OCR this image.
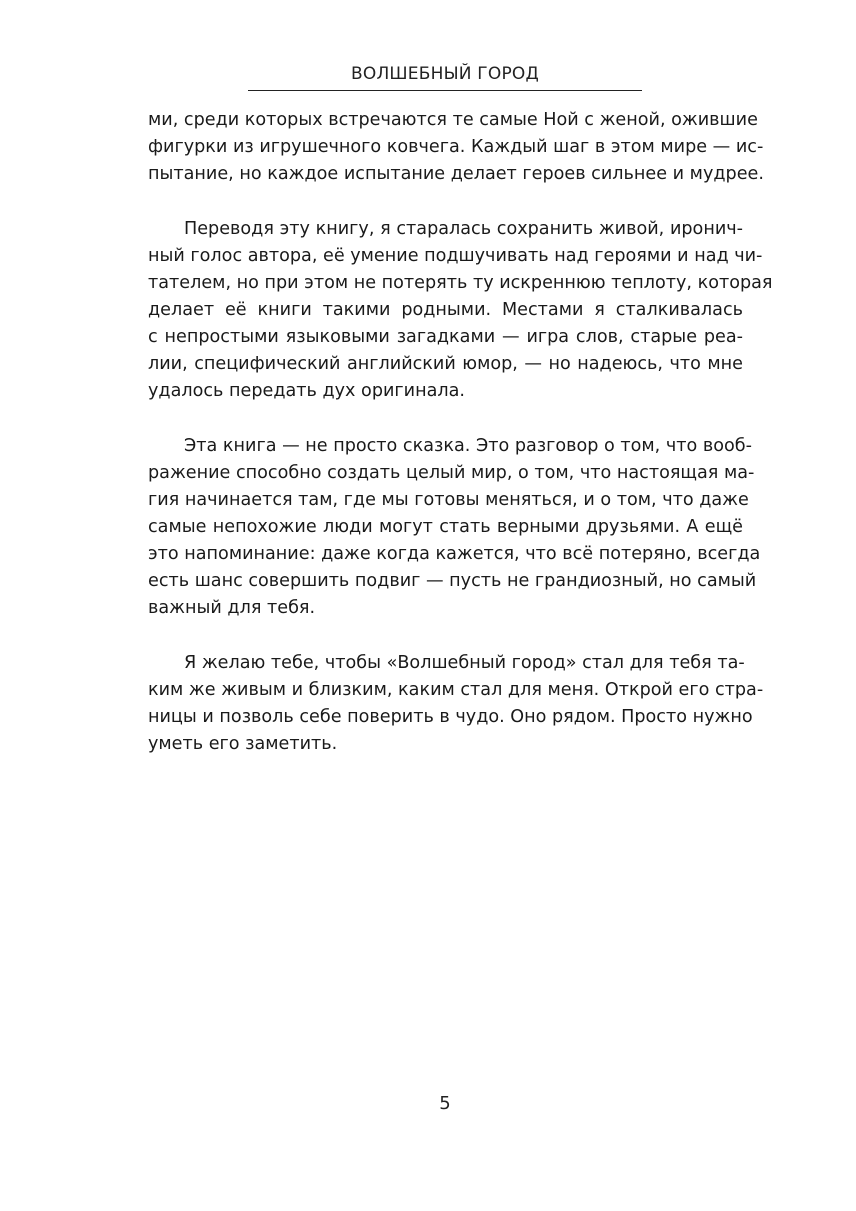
ВОЛШЕБНЫЙ ГОРОД
ми, среди которых встречаются те самые Ной с женой, ожившие
фигурки из игрушечного ковчега. Каждый шаг в этом мире — ис-
пытание, но каждое испытание делает героев сильнее и мудрее.
Переводя эту книгу, я старалась сохранить живой, иронич-
ный голос автора, её умение подшучивать над героями и над чи-
тателем, но при этом не потерять ту искреннюю теплоту, которая
делает её книги такими родными. Местами я сталкивалась
с непростыми языковыми загадками — игра слов, старые реа-
лии, специфический английский юмор, — но надеюсь, что мне
удалось передать дух оригинала.
Эта книга — не просто сказка. Это разговор о том, что вооб-
ражение способно создать целый мир, о том, что настоящая ма-
гия начинается там, где мы готовы меняться, и о том, что даже
самые непохожие люди могут стать верными друзьями. А ещё
это напоминание: даже когда кажется, что всё потеряно, всегда
есть шанс совершить подвиг — пусть не грандиозный, но самый
важный для тебя.
Я желаю тебе, чтобы «Волшебный город» стал для тебя та-
ким же живым и близким, каким стал для меня. Открой его стра-
ницы и позволь себе поверить в чудо. Оно рядом. Просто нужно
уметь его заметить.
5
